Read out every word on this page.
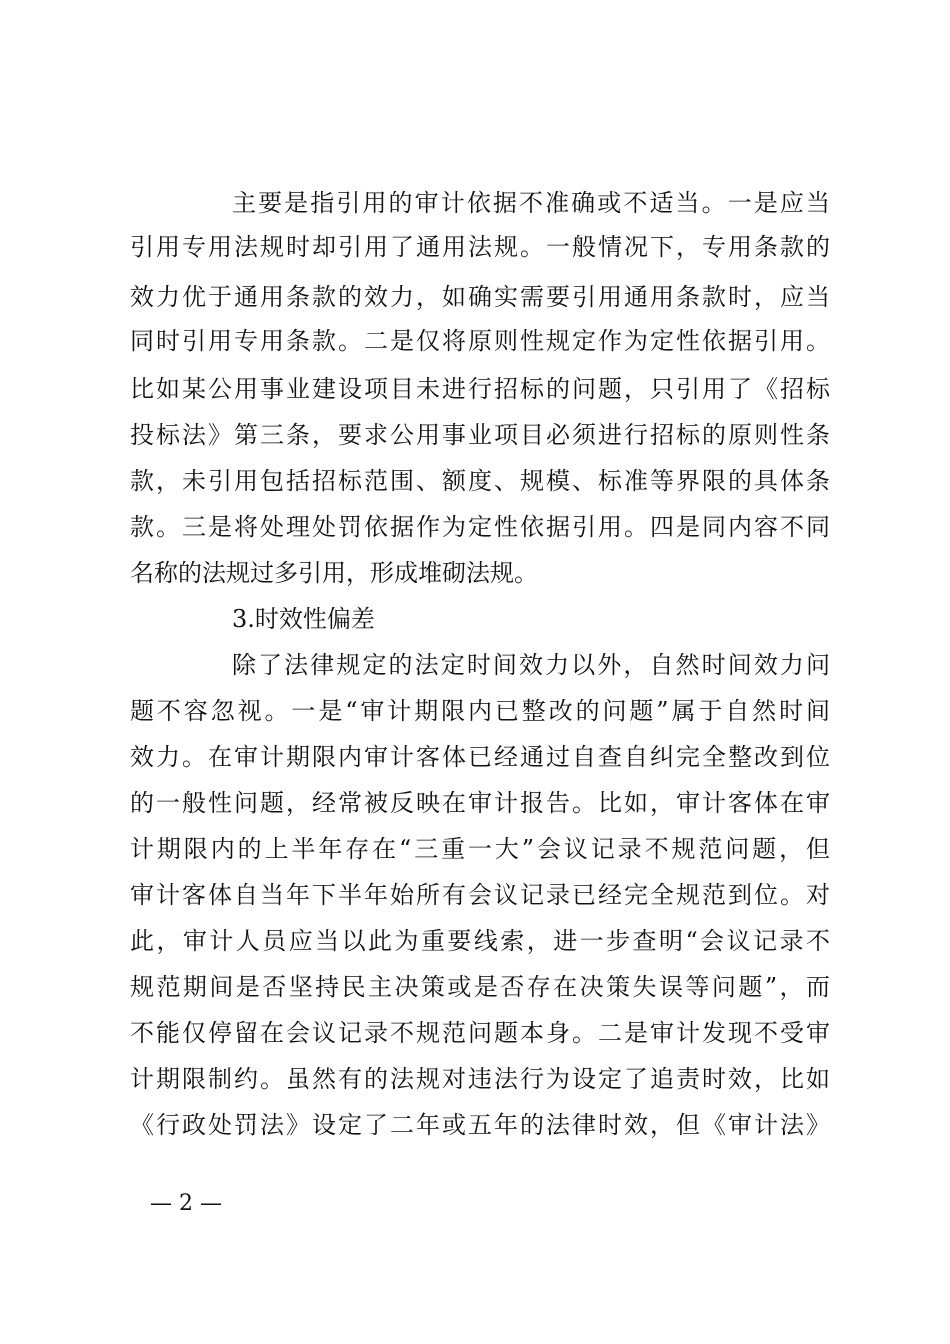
主要是指引用的审计依据不准确或不适当。一是应当
引用专用法规时却引用了通用法规。一般情况下，专用条款的
效力优于通用条款的效力，如确实需要引用通用条款时，应当
同时引用专用条款。二是仅将原则性规定作为定性依据引用。
比如某公用事业建设项目未进行招标的问题，只引用了《招标
投标法》第三条，要求公用事业项目必须进行招标的原则性条
款，未引用包括招标范围、额度、规模、标准等界限的具体条
款。三是将处理处罚依据作为定性依据引用。四是同内容不同
名称的法规过多引用，形成堆砌法规。
3.时效性偏差
除了法律规定的法定时间效力以外，自然时间效力问
题不容忽视。一是“审计期限内已整改的问题”属于自然时间
效力。在审计期限内审计客体已经通过自查自纠完全整改到位
的一般性问题，经常被反映在审计报告。比如，审计客体在审
计期限内的上半年存在“三重一大”会议记录不规范问题，但
审计客体自当年下半年始所有会议记录已经完全规范到位。对
此，审计人员应当以此为重要线索，进一步查明“会议记录不
规范期间是否坚持民主决策或是否存在决策失误等问题”，而
不能仅停留在会议记录不规范问题本身。二是审计发现不受审
计期限制约。虽然有的法规对违法行为设定了追责时效，比如
《行政处罚法》设定了二年或五年的法律时效，但《审计法》
— 2 —
